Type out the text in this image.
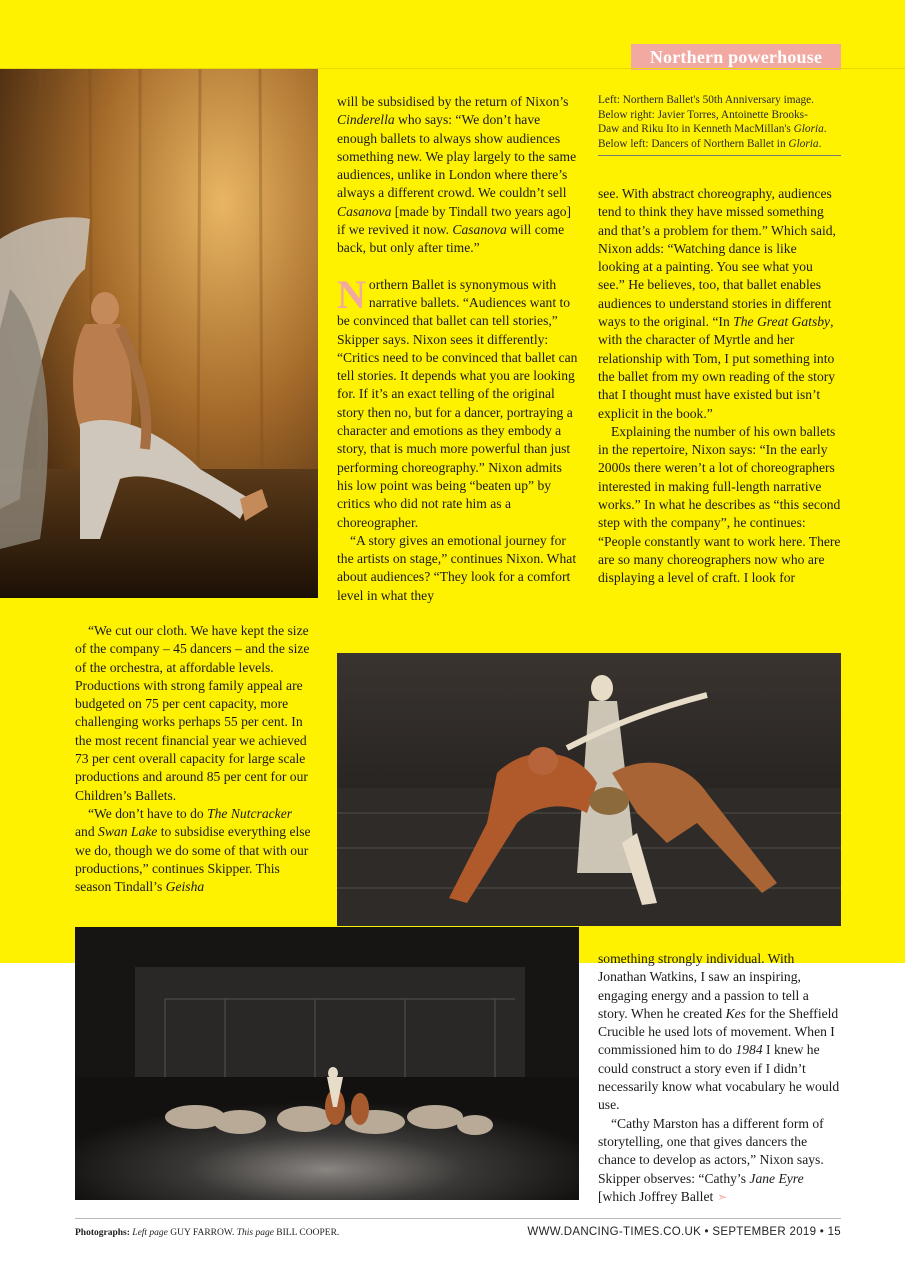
Northern powerhouse
Left: Northern Ballet's 50th Anniversary image.
Below right: Javier Torres, Antoinette Brooks-
Daw and Riku Ito in Kenneth MacMillan's Gloria.
Below left: Dancers of Northern Ballet in Gloria.

will be subsidised by the return of Nixon’s Cinderella who says: “We don’t have enough ballets to always show audiences something new. We play largely to the same audiences, unlike in London where there’s always a different crowd. We couldn’t sell Casanova [made by Tindall two years ago] if we revived it now. Casanova will come back, but only after time.”

Northern Ballet is synonymous with narrative ballets. “Audiences want to be convinced that ballet can tell stories,” Skipper says. Nixon sees it differently: “Critics need to be convinced that ballet can tell stories. It depends what you are looking for. If it’s an exact telling of the original story then no, but for a dancer, portraying a character and emotions as they embody a story, that is much more powerful than just performing choreography.” Nixon admits his low point was being “beaten up” by critics who did not rate him as a choreographer.

“A story gives an emotional journey for the artists on stage,” continues Nixon. What about audiences? “They look for a comfort level in what they

see. With abstract choreography, audiences tend to think they have missed something and that’s a problem for them.” Which said, Nixon adds: “Watching dance is like looking at a painting. You see what you see.” He believes, too, that ballet enables audiences to understand stories in different ways to the original. “In The Great Gatsby, with the character of Myrtle and her relationship with Tom, I put something into the ballet from my own reading of the story that I thought must have existed but isn’t explicit in the book.”

Explaining the number of his own ballets in the repertoire, Nixon says: “In the early 2000s there weren’t a lot of choreographers interested in making full-length narrative works.” In what he describes as “this second step with the company”, he continues: “People constantly want to work here. There are so many choreographers now who are displaying a level of craft. I look for

“We cut our cloth. We have kept the size of the company – 45 dancers – and the size of the orchestra, at affordable levels. Productions with strong family appeal are budgeted on 75 per cent capacity, more challenging works perhaps 55 per cent. In the most recent financial year we achieved 73 per cent overall capacity for large scale productions and around 85 per cent for our Children’s Ballets.

“We don’t have to do The Nutcracker and Swan Lake to subsidise everything else we do, though we do some of that with our productions,” continues Skipper. This season Tindall’s Geisha

something strongly individual. With Jonathan Watkins, I saw an inspiring, engaging energy and a passion to tell a story. When he created Kes for the Sheffield Crucible he used lots of movement. When I commissioned him to do 1984 I knew he could construct a story even if I didn’t necessarily know what vocabulary he would use.

“Cathy Marston has a different form of storytelling, one that gives dancers the chance to develop as actors,” Nixon says. Skipper observes: “Cathy’s Jane Eyre [which Joffrey Ballet ➣

Photographs: Left page GUY FARROW. This page BILL COOPER.	WWW.DANCING-TIMES.CO.UK • SEPTEMBER 2019 • 15
